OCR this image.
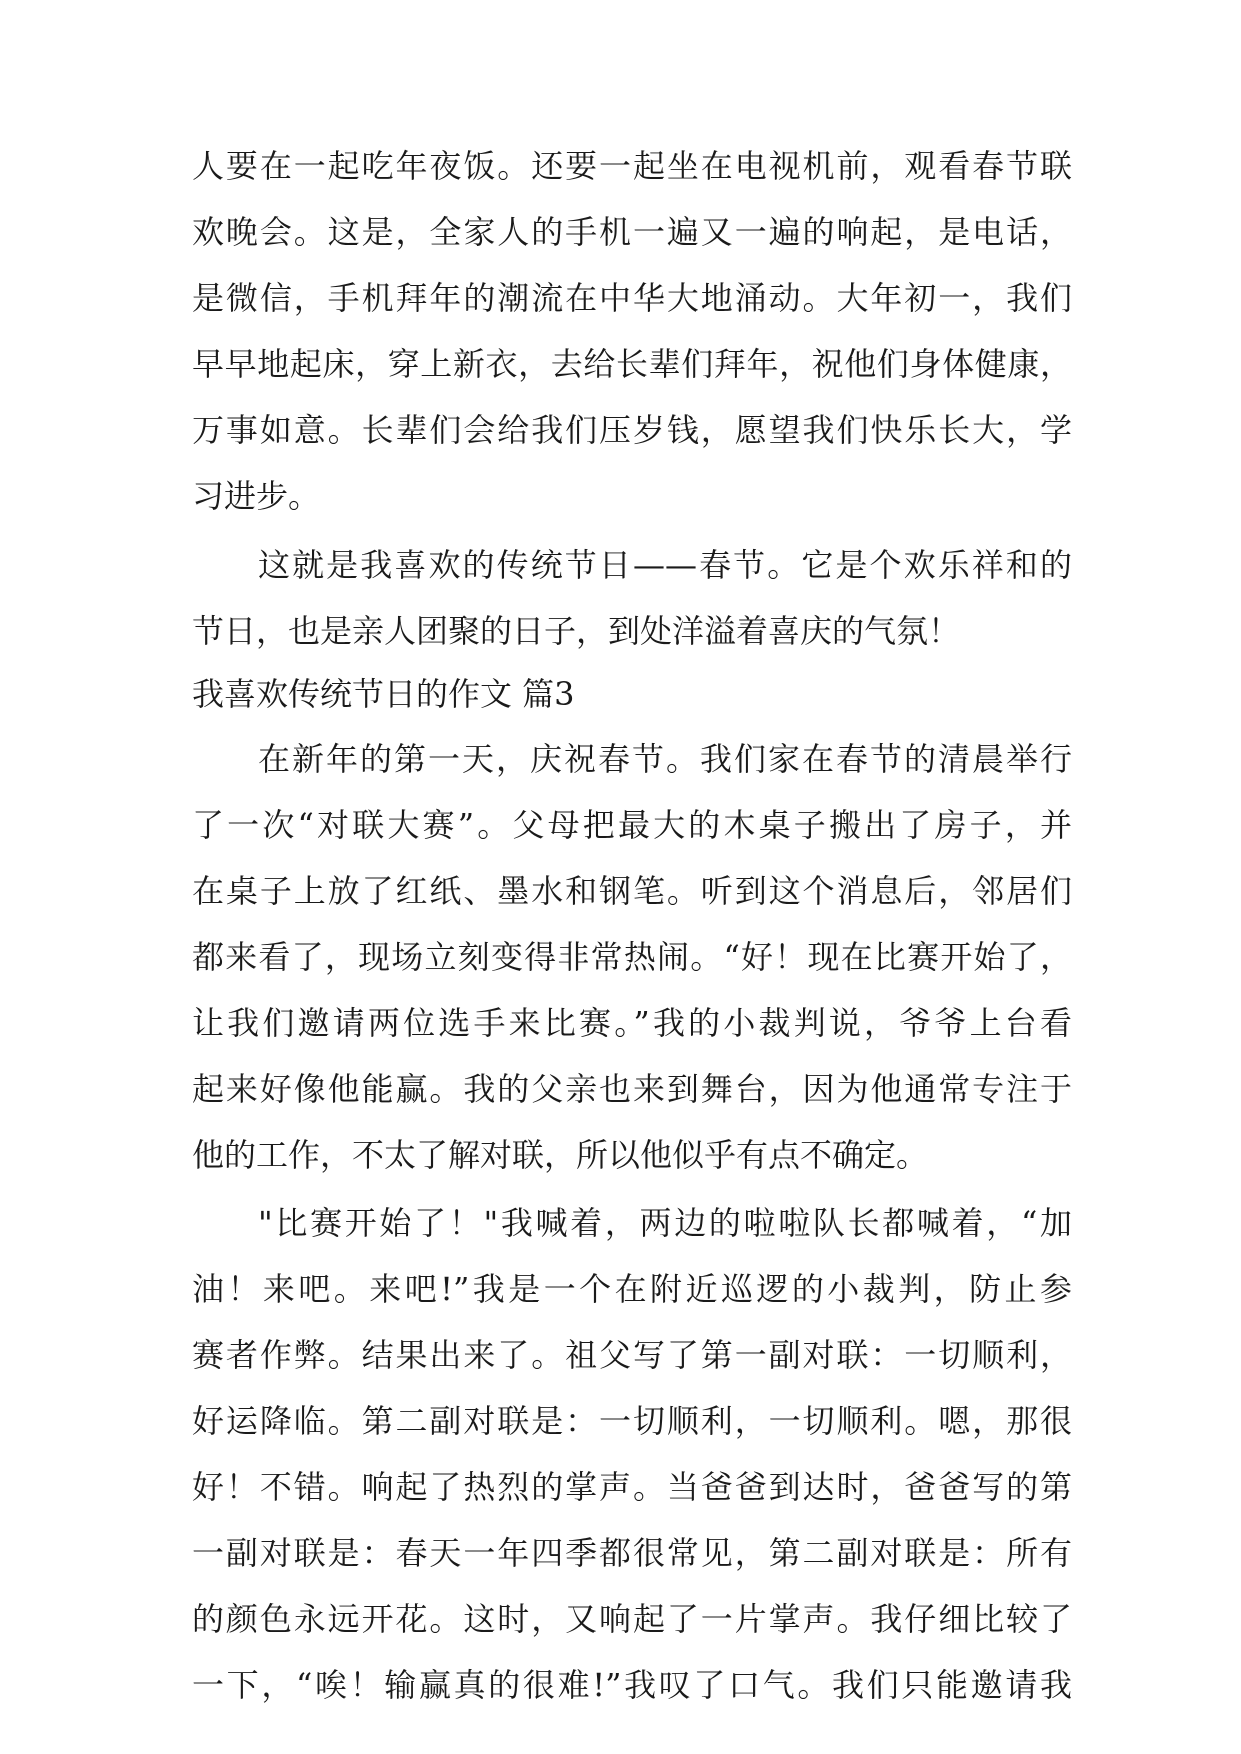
人要在一起吃年夜饭。还要一起坐在电视机前，观看春节联
欢晚会。这是，全家人的手机一遍又一遍的响起，是电话，
是微信，手机拜年的潮流在中华大地涌动。大年初一，我们
早早地起床，穿上新衣，去给长辈们拜年，祝他们身体健康，
万事如意。长辈们会给我们压岁钱，愿望我们快乐长大，学
习进步。
这就是我喜欢的传统节日——春节。它是个欢乐祥和的
节日，也是亲人团聚的日子，到处洋溢着喜庆的气氛！
我喜欢传统节日的作文 篇3
在新年的第一天，庆祝春节。我们家在春节的清晨举行
了一次“对联大赛”。父母把最大的木桌子搬出了房子，并
在桌子上放了红纸、墨水和钢笔。听到这个消息后，邻居们
都来看了，现场立刻变得非常热闹。“好！现在比赛开始了，
让我们邀请两位选手来比赛。”我的小裁判说，爷爷上台看
起来好像他能赢。我的父亲也来到舞台，因为他通常专注于
他的工作，不太了解对联，所以他似乎有点不确定。
"比赛开始了！"我喊着，两边的啦啦队长都喊着，“加
油！来吧。来吧!”我是一个在附近巡逻的小裁判，防止参
赛者作弊。结果出来了。祖父写了第一副对联：一切顺利，
好运降临。第二副对联是：一切顺利，一切顺利。嗯，那很
好！不错。响起了热烈的掌声。当爸爸到达时，爸爸写的第
一副对联是：春天一年四季都很常见，第二副对联是：所有
的颜色永远开花。这时，又响起了一片掌声。我仔细比较了
一下，“唉！输赢真的很难!”我叹了口气。我们只能邀请我
